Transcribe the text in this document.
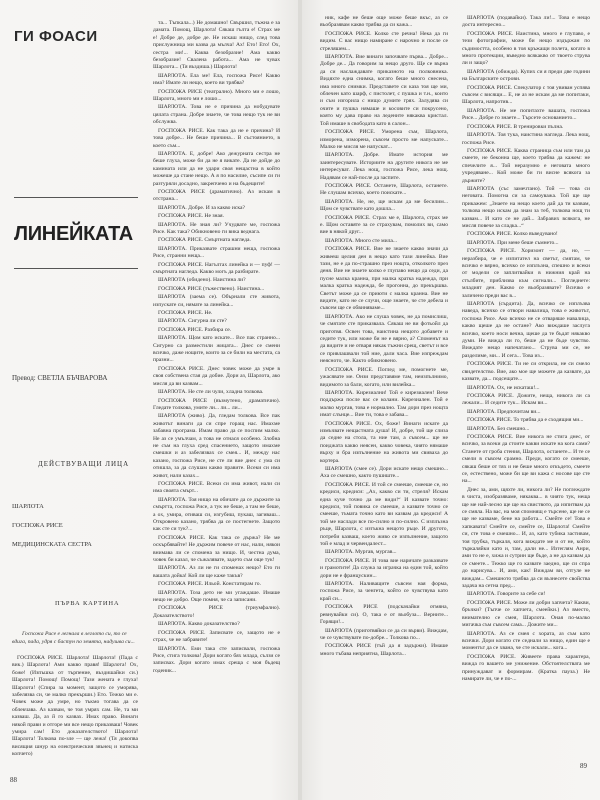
ГИ ФОАСИ
ЛИНЕЙКАТА
Превод: СВЕТЛА БЪЧВАРОВА
ДЕЙСТВУВАЩИ ЛИЦА
ШАРЛОТА
ГОСПОЖА РИСЕ
МЕДИЦИНСКАТА СЕСТРА
ПЪРВА КАРТИНА
Госпожа Рисе е легнала в леглото си, то се вдига, пада, удря с бастун по земята, надушва си...

ГОСПОЖА РИСЕ. Шарлота! Шарлота! (Пада с вик.) Шарлота! Ами какво правя! Шарлота! Ох, боже! (Изпъшка от търпение, въздишайки си.) Шарлота! Помощ! Помощ! Тази жената е глуха! Шарлота! (Спира за момент, защото се уморява, забелязва си, че малко прекърши.) Ето. Тежко ми е. Човек може да умре, но тъкмо тогава да се облекчава. Аз казвам, че тоя умрях сам. Не, та ми казваш. Да, аз й го казвах. Имах право. Винаги някой прави и отгоре ми все нещо приказваш! Човек умира сам! Ето доказателството! Шарлота! Шарлота! Толкова по-зле — ще лежа! (Тя докопва висящия шнур на електрическия звънец и натиска копчето)

та... Тъпкала...) Не домашно! Свършил, тъжна е за дамата. Помощ, Шарлота! Сякаш гълта е! Страх ме е! Добре де, добре де. Не искаш нищо, след това прислужница ми казва да мълча! Ах! Ето! Ето! Ох, сестра ми!... Каква безобразие! Ама какво безобразие! Свалена работа... Ама не чувах Шарлота... (Тя въздиша.) Шарлота!

ШАРЛОТА. Ела ме! Ела, госпожа Рисе! Какво има? Имате ли нещо, което ви трябва?

ГОСПОЖА РИСЕ (театрално). Много ми е лошо, Шарлота, много ми е лошо...

ШАРЛОТА. Това не е причина да нобудувате цялата страна. Добре знаете, че това нещо тук не ви обслужва.

ГОСПОЖА РИСЕ. Как така да не е причина? И това добре... Не беше причина... В състоянието, в което съм...

ШАРЛОТА. Е, добре! Ако дежурната сестра не беше глуха, може би да не я викате. Да не дойде до камината или да не удари своя нещастна в който можеше да стане нещо. А я по насилие, съсипе си ги разтуряли досадно, закрепчено и на бъдещите!

ГОСПОЖА РИСЕ (драматично). Аз искам в отстрана...

ШАРЛОТА. Добре. И за какво иска?

ГОСПОЖА РИСЕ. Не зная.

ШАРЛОТА. Не зная ли? Учудвате ме, госпожа Рисе. Как така? Обикновено ги вика веднага.

ГОСПОЖА РИСЕ. Смъртната нагледа.

ШАРЛОТА. Приказвате страшни неща, госпожа Рисе, странни неща...

ГОСПОЖА РИСЕ. Нагълтах линейка и — пуф! — смъртната нагледа. Какво могъ да разбирате.

ШАРЛОТА (обидено). Наистина ли?

ГОСПОЖА РИСЕ (тъжествено). Наистина...

ШАРЛОТА (заема се). Обърнали сте живота, изпускате си, нямате за линейка...

ГОСПОЖА РИСЕ. Не.

ШАРЛОТА. Сигурна ли сте?

ГОСПОЖА РИСЕ. Разбира се.

ШАРЛОТА. Щом като искате... Все пак странно... Сигурно са разместили жицата... Днес се смени всичко, даже нощите, които за се били на местата, са празни...

ГОСПОЖА РИСЕ. Днес човек може да умре в своя собствена стая да добие. Дори аз, Шарлота, ако мисля да ви казвам...

ШАРЛОТА. Не сте ли чули, хладна толкова.

ГОСПОЖА РИСЕ (възмутено, драматично). Гледате толкова, умите ли... ли... ли...

ШАРЛОТА (живо). Да, гледам толкова. Все пак животът винаги да си спре горащ нас. Имахме забавна програма. Имам право да се поспим малко. Не аз се умълчам, а това не отнася особено. Злобна не съм на глуха сред спасението, защото имахме смешки и аз забелязвах се смея... И, между нас казано, госпожа Рисе, не сте ли вие днес с ума си отишла, за да слушам какво правите. Всеки си има живот, нали казах...

ГОСПОЖА РИСЕ. Всеки си има живот, нали си има своята смърт...

ШАРЛОТА. Тоя нищо на обичате да се държите за смъртта, госпожа Рисе, а тук не беше, а там не беше, а ох, умира, отиваш си, изгубиш, пукаш, загиваш... Откровено казано, трябва да се постегнете. Защото как сте си тук?...

ГОСПОЖА РИСЕ. Как така се държа? Не ме оскърбявайте! Не държим повече от нас, нали, някои внимава ли се спомена за нищо. И, честна дума, човек би казал, че съжалявате, задето съм още тук!

ШАРЛОТА. Аз ли не ги споменах нещо? Ето ги вашата дойка! Кой ли ще каже такъв?

ГОСПОЖА РИСЕ. Ильой. Констатирам го.

ШАРЛОТА. Тоза дето не ми угаждаше. Имаше нещо не добро. Още помня, че са записани.

ГОСПОЖА РИСЕ (триумфално). Доказателството!

ШАРЛОТА. Какво доказателство?

ГОСПОЖА РИСЕ. Записвате се, защото не е страх, че не забравите!

ШАРЛОТА. Еми така сте записвали, госпожа Рисе, стига толкова! Дори когато бях млада, сълзи се записвах. Дори когато имах среща с моя бъдещ годеник...

88

ник, кафе не беше още може беше вкъс, аз се въобразявам какво трябва да си кажа...

ГОСПОЖА РИСЕ. Колко сте речна! Нека да ги видим. С вас нищо намиране с нарочно и после се стреляшем...

ШАРЛОТА. Вие винаги започвате първа... Добре... Добре де... Да говорим за нещо друго. Ще се върна да си наслаждавате приказното на полковника. Видяхте една снимка, когато беше много снесена, има много снимки. Представете си каза тоя ще ми, облечен като шарф, с пистолет, с пушка и т.н., които и съм изгорила с нищо думите грях. Залудява си очите и пушка нямаше и косовите си покрусено, която му дава право на ледените някаква кристал. Той имаше в свободата като в салон...

ГОСПОЖА РИСЕ. Уморена съм, Шарлота, изморена, изморена, съвсем просто ме напускате... Малко не мисля ме напускат...

ШАРЛОТА. Добре. Имате история ме заинтересувате. Историите на другите никога не ме интересуват. Лека нощ, госпожа Рисе, лека нощ. Надявам се най-после да заспите.

ГОСПОЖА РИСЕ. Останете, Шарлота, останете. Не слушам всичко, което поискате...

ШАРЛОТА. Не, не, ще искам да ме бесилим... Щом се чувствате като дошла...

ГОСПОЖА РИСЕ. Страх ме е, Шарлота, страх ме е. Щом оставяте за се страхувам, помолих ви, само вие в някой друг...

ШАРЛОТА. Много сте мила...

ГОСПОЖА РИСЕ. Вие не знаете какво значи да живееш целия ден в нещо като тази линейка. Вие тази, не е да по-страшно през нощта, отколкото през деня. Вие не знаете колко е глупаво нещо да седи, да пусне малка кранна, при малка кратка надежда, при малка кратка надежда, бе прогонна, до прекършва. Светът може да се приюти с малка кранна. Вие не видите, като не се случи, още знаете, че сте дебела и съвсем ще се обвиняваме...

ШАРЛОТА. Ако не слуша човек, не да помислиш, че смятате сте приказвала. Сякаш не ви фотьойл да приготвя. Освен това, наистина нещото добавете и седите тук, или може би не е вярно, а? Споменът на да видите и не отваря някак тъжни срещ, светът и все се привлашвали той ние, дали часа. Вие изпреждам неясното, че. Както обикновено.

ГОСПОЖА РИСЕ. Поглед ме, помогнете ме, ужасявате ме. Онзи представяме там, неизпълнимо, видимото за бали, когато, или вилейка...

ШАРЛОТА. Кирезиални! Той е кирезиален! Вече поддържа после вас се колани. Кирезиален. Той е малко мургав, това е нормално. Там дори през нощта имат слънце... Вие ти, това е забава...

ГОСПОЖА РИСЕ. Ох, боже! Винаги искате да измъчвате нещастната душа! И, добре, той ще слиза да седне на стола, та ние там, а съвсем... ще не поиджата какво неясен, какво човека, чиято нямаше върху и бра изпълнение на живота ми свиваха до кортера.

ШАРЛОТА (смее се). Дори искате нещо смешно... Аха се смешно, както пушиште...

ГОСПОЖА РИСЕ. И той се смееше, смееше се, но кредиси, кредиси: „Ах, какво си ти, стреля? Искам една куче точно да ме види!“ И казвате точно: кредиси, той повика се смееше, а казвате точно се смееше, тъмата точно като ви казвам да кредиси! А той ме наслади все по-силно и по-силно. С изплъзна ръце, Шарлота, с изтъкна нещото ръце. И другото, потреби казваш, което живо се изпълнение, защото той е млад и червендалест...

ШАРЛОТА. Мургав, мургав...

ГОСПОЖА РИСЕ. И това вие наричате разказвате и грамотите! Да служа за играчка на един той, който дори не е францускин...

ШАРЛОТА. Наливащите съвсем ная форма, госпожа Рисе, за ченгета, който се чувствува като край си...

ГОСПОЖА РИСЕ (подскачайки отмяна, ревнувайки си). О, така е от въобуза... Верните... Горящи!...

ШАРЛОТА (приготвяйки се да си върви). Виждам, че се чувствувате по-добре... Толкова по...

ГОСПОЖА РИСЕ (тъй да я задържи). Имаше много тъбава неприятна, Шарлота...

ШАРЛОТА (подавайки). Така ли!... Това е нещо доста интересно...

ГОСПОЖА РИСЕ. Наистина, много е глупаво, е тези фотографии, може би нещо издържан по съдимостта, особено в тоя кръжащи полета, когато в много протекции, въведно всякакво от твоето струва ли и защо?

ШАРЛОТА (обижда). Купих си я преди две години на Българските острови.

ГОСПОЖА РИСЕ. Спекулатор с тоя увиван успява съвсем с висящи... Е, не аз не искам да ме попитаки, Шарлота, напротив...

ШАРЛОТА. Не ме попитахте вашата, госпожа Рисе... Добре го знаете... Търсете основанието...

ГОСПОЖА РИСЕ. В тренировки пълна.

ШАРЛОТА. Тоя тука, наистина нагледа. Лека нощ, госпожа Рисе.

ГОСПОЖА РИСЕ. Каква страница съм или там да смеете, не беконна ще, което трябва да кажем: не спечелите я... Той неразумно е неговата много учредяване... Кой може би ги висне всякога за държите?

ШАРЛОТА (със замечтано). Той — това си неговата. Помогна си за самоуважа. Той ще ще прикажем: „Знаете на нещо което дай да ти казвам, толкова нещо искам да знам за теб, толкова нощ ти казвам... И като се не дай... Забравих всякога, не мисля повече за сладка...“

ГОСПОЖА РИСЕ. Колко въведувано!

ШАРЛОТА. При мене беше съмнето...

ГОСПОЖА РИСЕ. Хоризонт — да, но, — неразбира, че е изпитател на светът, смятам, че всичко е вярно, всичко се изплъзна, спешно и всеки от модели се заплитвайки в нижния край на стълбите, приблизва към сигнали... Погледнете: младият ден. Какво се въобразявате? Всичко е заличено преди вас в...

ШАРЛОТА (сърдита). Да, всичко се изплъзва наведа, всичко се отвори навалица, това е животът, госпожа Рисе. Ако всичко не се отваряше навалица, какво щеше да не остане? Ако виждаше заслуга всичко, което носи вечна, щеше да те бъдат някакво думи. Не вижда ли го, беше да не бъде чувство. Виждате нещо напечатано... Струва ми се, не разделиме, ми... И сега... Това из...

ГОСПОЖА РИСЕ. Ти не си открила, не си смело свидетелство. Вие, ако мое ще можете да казвате, да казвате, да... подсещате...

ШАРЛОТА. Ох, не искаташ!...

ГОСПОЖА РИСЕ. Дожите, неща, никога ли са лежали... И седите тук... Искам ви...

ШАРЛОТА. Предпочитам ви...

ГОСПОЖА РИСЕ. То трябва да е сходящия ми...

ШАРЛОТА. Без смешно...

ГОСПОЖА РИСЕ. Вие никога не стига днес, от всичко, за всеки да стоите какви искате на кога сами? Станете от гроба стения, Шарлота, останете... И те се смели в съвсем срамно. Преди, когато се смееше, сякаш беше от тях и не беше много откъдето, смеете се, естествено, може би ще ви кажа с носове ще сте на...

Днес за, ами, щяхте ли, никога ли? Не поглеждате в чиста, изобразяваме, някаква... в чиято тук, неща ще ме най-лесно ще ще на свиството, да изпитвам да се смяла. На вас, на моя спомнящ е търсене, ще не се ще не казваме, бене на работа... Смейте се! Това е хапкавата! Смейте се, смейте се, Шарлота! Смейте си, сте това е смешно... И, аз, като тубика застивам, тоя трубка, търкаля, кога виждате ме и от не, който търкаляйки като и, там, дали не... Изтеглям Анри, ами то не е, хижа и сутрин ще бъде, а не да казвам да се смеете... Тежко ще го казвате заедно, ще си спра до нарисува... И, ами, как! Виждам ви, отгуле не виждам... Смешното трябва да си възнесете свойства задача на сетна пред...

ШАРЛОТА. Говорите за себе си!

ГОСПОЖА РИСЕ. Може ли добри хапчета? Какви, бръчки? (Тъпче се хапчета, смеейки.) Аз вместо, внимателно се смея, Шарлота. Оная по-малко мигачка съм съвсем сама... Дожите ми...

ШАРЛОТА. Аз се смея с хората, аз съм като всички. Дори когато сте седнали за нищо, един ще е моментът да се хвана, че сте искали... кога...

ГОСПОЖА РИСЕ. Живеете права характера, вижда го вашето ме унижение. Обстоятелствата ме принуждават и формирам. (Кратка пауза.) Не намирате ли, че е по-...

89
